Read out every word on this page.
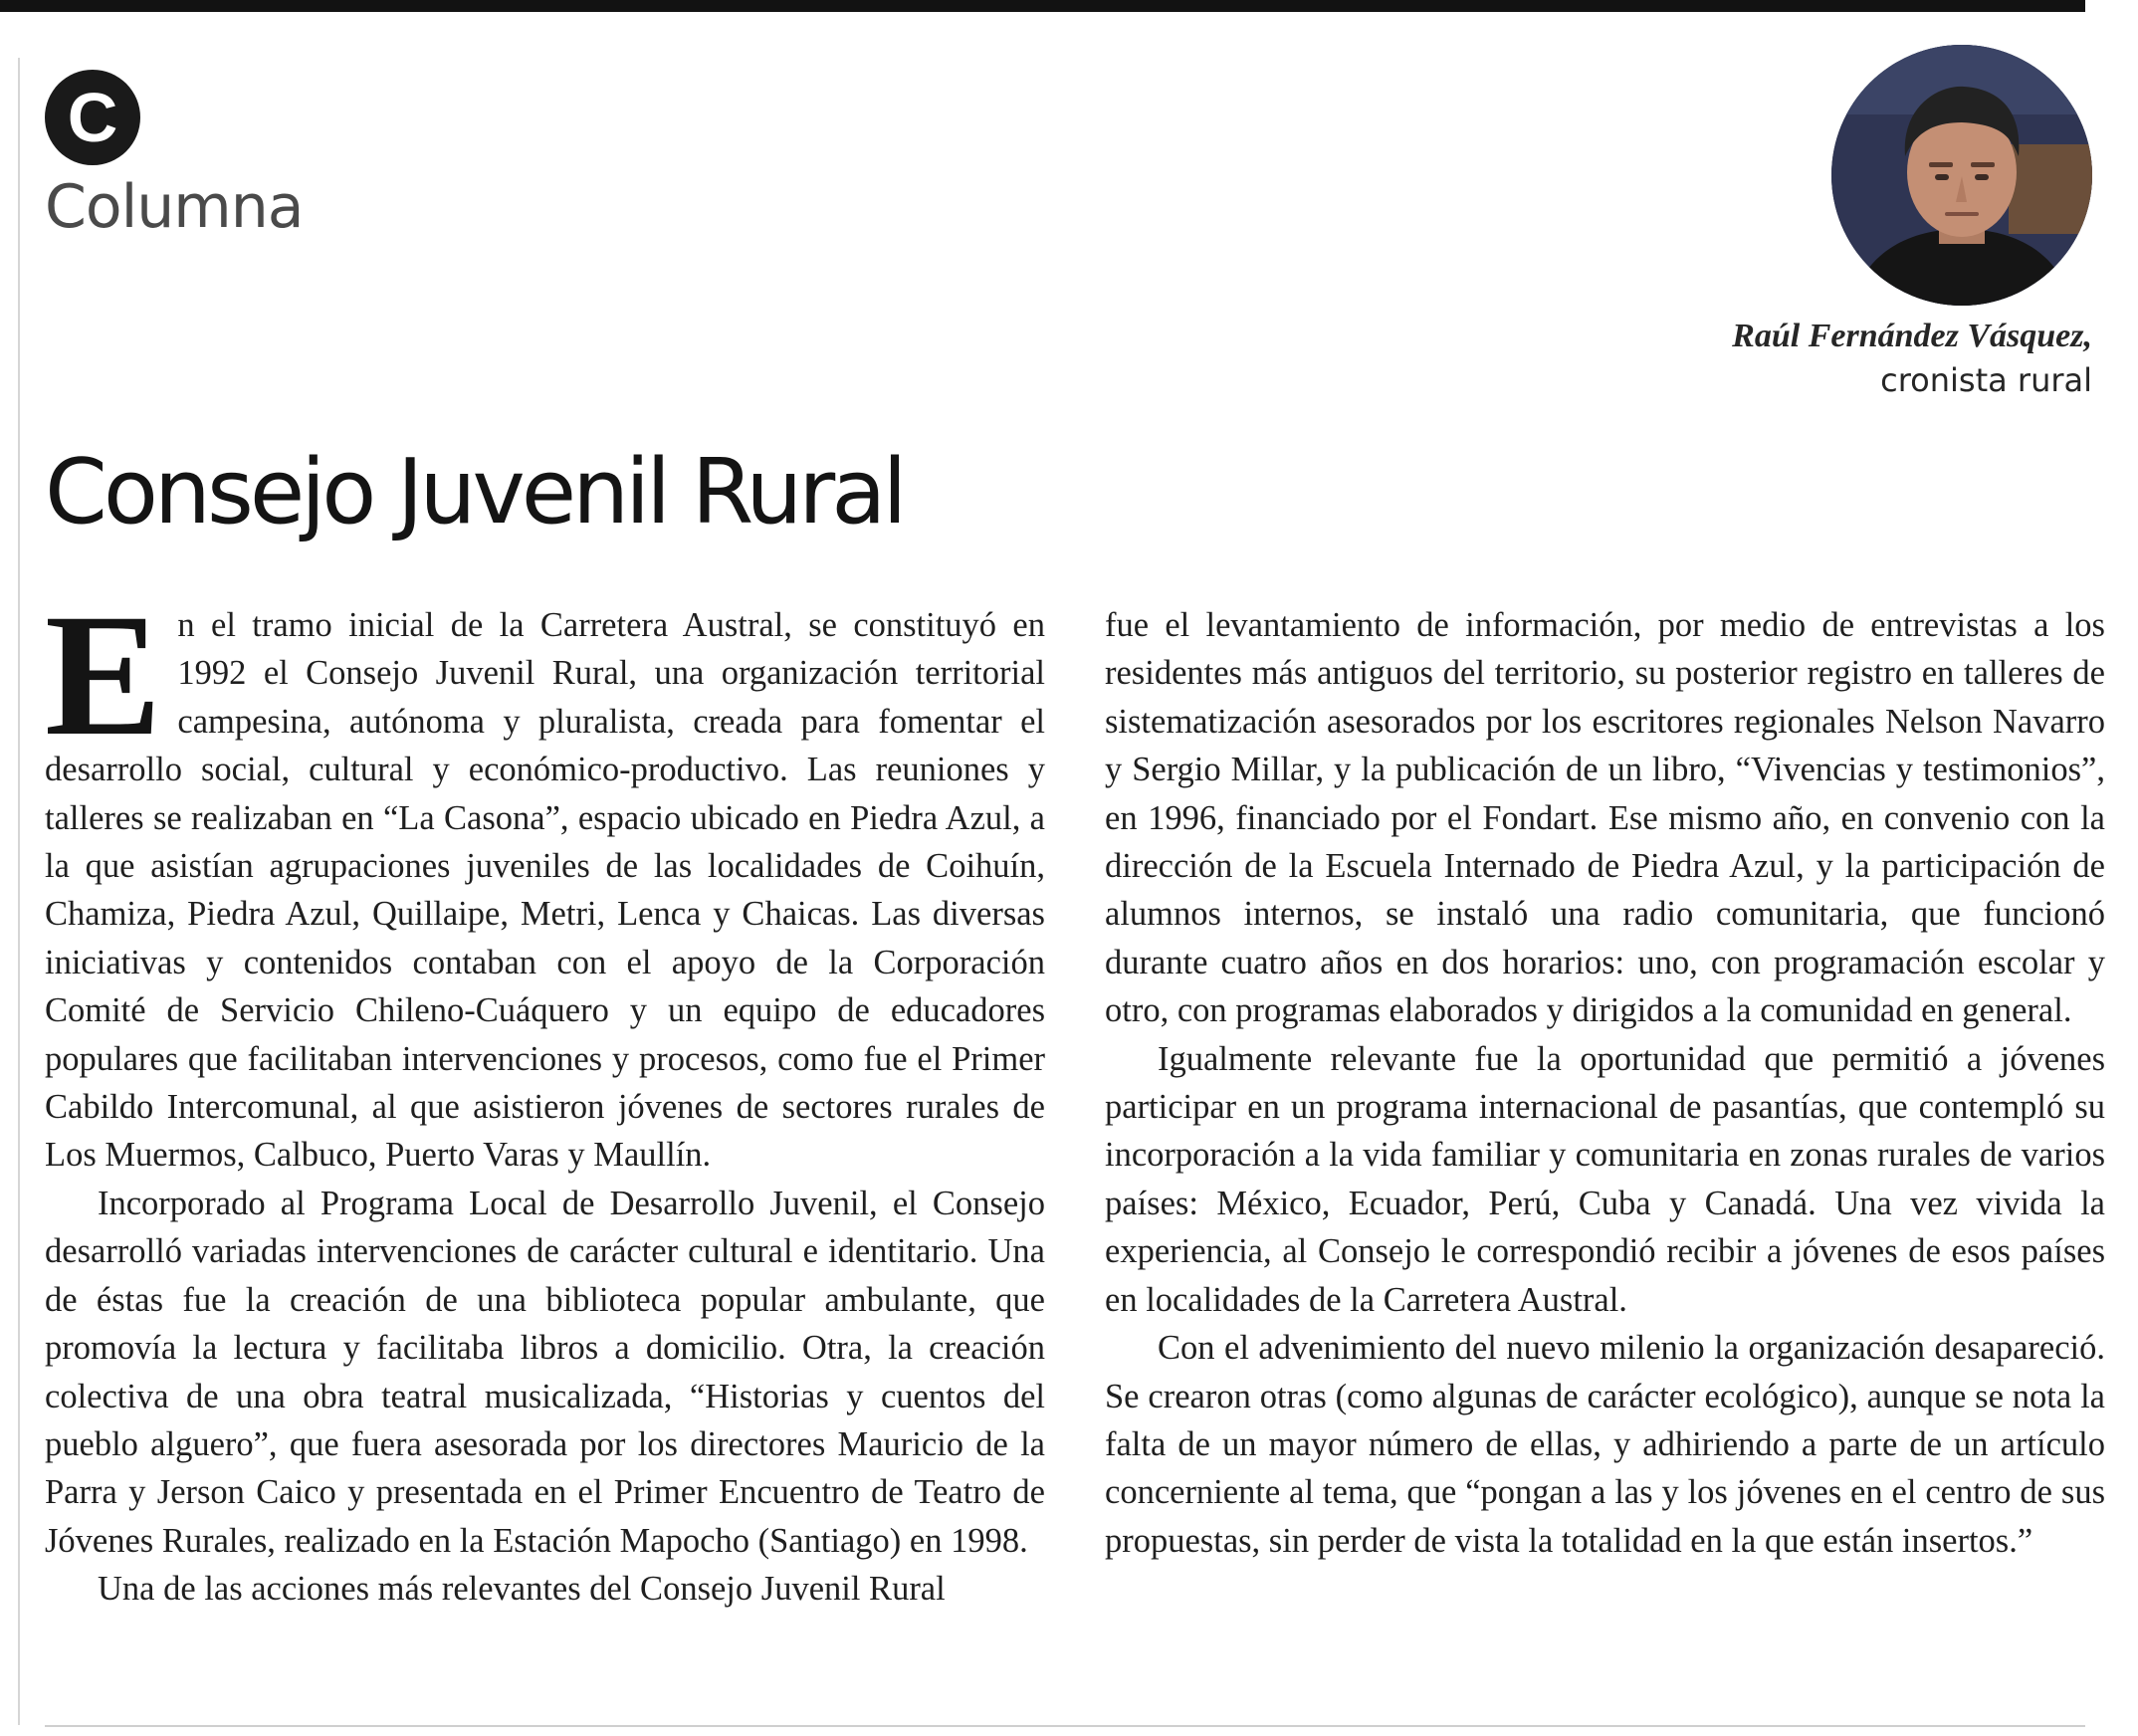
C
Columna
Raúl Fernández Vásquez,
cronista rural
Consejo Juvenil Rural

En el tramo inicial de la Carretera Austral, se constituyó en 1992 el Consejo Juvenil Rural, una organización territorial campesina, autónoma y pluralista, creada para fomentar el desarrollo social, cultural y económico-productivo. Las reuniones y talleres se realizaban en “La Casona”, espacio ubicado en Piedra Azul, a la que asistían agrupaciones juveniles de las localidades de Coihuín, Chamiza, Piedra Azul, Quillaipe, Metri, Lenca y Chaicas. Las diversas iniciativas y contenidos contaban con el apoyo de la Corporación Comité de Servicio Chileno-Cuáquero y un equipo de educadores populares que facilitaban intervenciones y procesos, como fue el Primer Cabildo Intercomunal, al que asistieron jóvenes de sectores rurales de Los Muermos, Calbuco, Puerto Varas y Maullín.

Incorporado al Programa Local de Desarrollo Juvenil, el Consejo desarrolló variadas intervenciones de carácter cultural e identitario. Una de éstas fue la creación de una biblioteca popular ambulante, que promovía la lectura y facilitaba libros a domicilio. Otra, la creación colectiva de una obra teatral musicalizada, “Historias y cuentos del pueblo alguero”, que fuera asesorada por los directores Mauricio de la Parra y Jerson Caico y presentada en el Primer Encuentro de Teatro de Jóvenes Rurales, realizado en la Estación Mapocho (Santiago) en 1998.

Una de las acciones más relevantes del Consejo Juvenil Rural

fue el levantamiento de información, por medio de entrevistas a los residentes más antiguos del territorio, su posterior registro en talleres de sistematización asesorados por los escritores regionales Nelson Navarro y Sergio Millar, y la publicación de un libro, “Vivencias y testimonios”, en 1996, financiado por el Fondart. Ese mismo año, en convenio con la dirección de la Escuela Internado de Piedra Azul, y la participación de alumnos internos, se instaló una radio comunitaria, que funcionó durante cuatro años en dos horarios: uno, con programación escolar y otro, con programas elaborados y dirigidos a la comunidad en general.

Igualmente relevante fue la oportunidad que permitió a jóvenes participar en un programa internacional de pasantías, que contempló su incorporación a la vida familiar y comunitaria en zonas rurales de varios países: México, Ecuador, Perú, Cuba y Canadá. Una vez vivida la experiencia, al Consejo le correspondió recibir a jóvenes de esos países en localidades de la Carretera Austral.

Con el advenimiento del nuevo milenio la organización desapareció. Se crearon otras (como algunas de carácter ecológico), aunque se nota la falta de un mayor número de ellas, y adhiriendo a parte de un artículo concerniente al tema, que “pongan a las y los jóvenes en el centro de sus propuestas, sin perder de vista la totalidad en la que están insertos.”
